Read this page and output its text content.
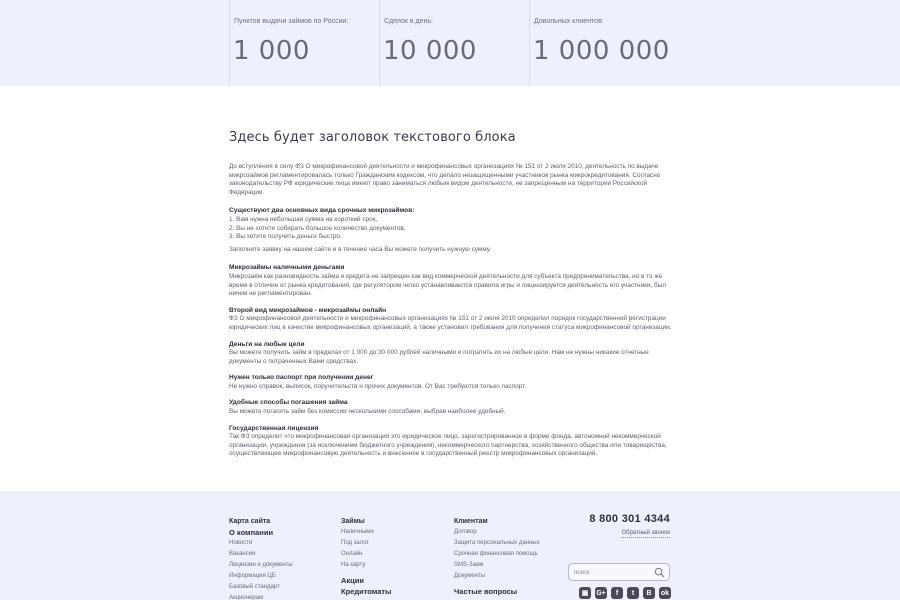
Пунктов выдачи займов по России:
1 000
Сделок в день:
10 000
Довольных клиентов:
1 000 000
Здесь будет заголовок текстового блока

До вступления в силу ФЗ О микрофинансовой деятельности и микрофинансовых организациях № 151 от 2 июля 2010, деятельность по выдаче микрозаймов регламентировалась только Гражданским кодексом, что делало незащищенными участников рынка микрокредитования. Согласно законодательству РФ юридические лица имеют право заниматься любым видом деятельности, не запрещенным на территории Российской Федерации.

Существуют два основных вида срочных микрозаймов:
1. Вам нужна небольшая сумма на короткий срок,
2. Вы не хотите собирать большое количество документов,
3. Вы хотите получить деньги быстро.

Заполните заявку на нашем сайте и в течение часа Вы можете получить нужную сумму.

Микрозаймы наличными деньгами
Микрозаём как разновидность займа и кредита не запрещен как вид коммерческой деятельности для субъекта предпринимательства, но в то же время в отличие от рынка кредитования, где регулятором четко устанавливаются правила игры и лицензируется деятельность его участники, был ничем не регламентирован.
Второй вид микрозаймов - микрозаймы онлайн
ФЗ О микрофинансовой деятельности и микрофинансовых организациях № 151 от 2 июля 2010 определил порядок государственной регистрации юридических лиц в качестве микрофинансовых организаций, а также установил требования для получения статуса микрофинансовой организации.
Деньги на любые цели
Вы можете получить займ в пределах от 1 000 до 30 000 рублей наличными и потратить их на любые цели. Нам не нужны никакие отчетные документы о потраченных Вами средствах.
Нужен только паспорт при получении денег
Не нужно справок, выписок, поручительств и прочих документов. От Вас требуются только паспорт.
Удобные способы погашения займа
Вы можете погасить займ без комиссии несколькими способами, выбрав наиболее удобный.
Государственная лицензия
Так ФЗ определит что микрофинансовая организация это юридическое лицо, зарегистрированное в форме фонда, автономной некоммерческой организации, учреждения (за исключением бюджетного учреждения), некоммерческого партнерства, хозяйственного общества или товарищества, осуществляющее микрофинансовую деятельность и внесенное в государственный реестр микрофинансовых организаций.
Карта сайта
О компании
Новости
Вакансии
Лицензии и документы
Информация ЦБ
Базовый стандарт
Акционерам
Займы
Наличными
Под залог
Онлайн
На карту
Акции
Кредитоматы
Клиентам
Договор
Защита персональных данных
Срочная финансовая помощь
SMS-Заем
Документы
Частые вопросы
8 800 301 4344
Обратный звонок
поиск
▣	G+	f	t	B	ok
